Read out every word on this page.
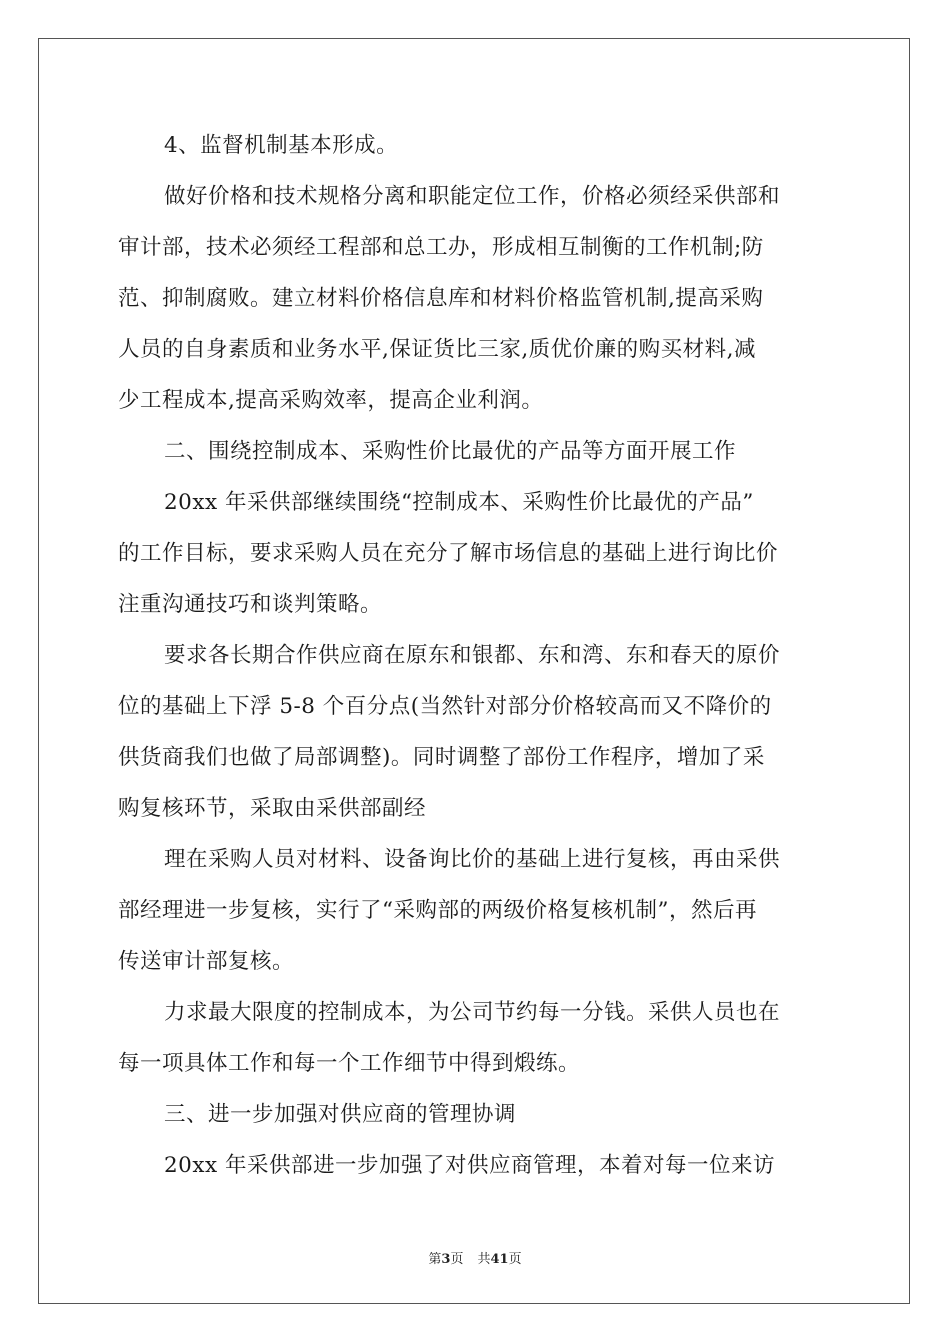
4、监督机制基本形成。
做好价格和技术规格分离和职能定位工作，价格必须经采供部和
审计部，技术必须经工程部和总工办，形成相互制衡的工作机制;防
范、抑制腐败。建立材料价格信息库和材料价格监管机制,提高采购
人员的自身素质和业务水平,保证货比三家,质优价廉的购买材料,减
少工程成本,提高采购效率，提高企业利润。
二、围绕控制成本、采购性价比最优的产品等方面开展工作
20xx 年采供部继续围绕“控制成本、采购性价比最优的产品”
的工作目标，要求采购人员在充分了解市场信息的基础上进行询比价
注重沟通技巧和谈判策略。
要求各长期合作供应商在原东和银都、东和湾、东和春天的原价
位的基础上下浮 5-8 个百分点(当然针对部分价格较高而又不降价的
供货商我们也做了局部调整)。同时调整了部份工作程序，增加了采
购复核环节，采取由采供部副经
理在采购人员对材料、设备询比价的基础上进行复核，再由采供
部经理进一步复核，实行了“采购部的两级价格复核机制”，然后再
传送审计部复核。
力求最大限度的控制成本，为公司节约每一分钱。采供人员也在
每一项具体工作和每一个工作细节中得到煅练。
三、进一步加强对供应商的管理协调
20xx 年采供部进一步加强了对供应商管理，本着对每一位来访
第3页 共41页
